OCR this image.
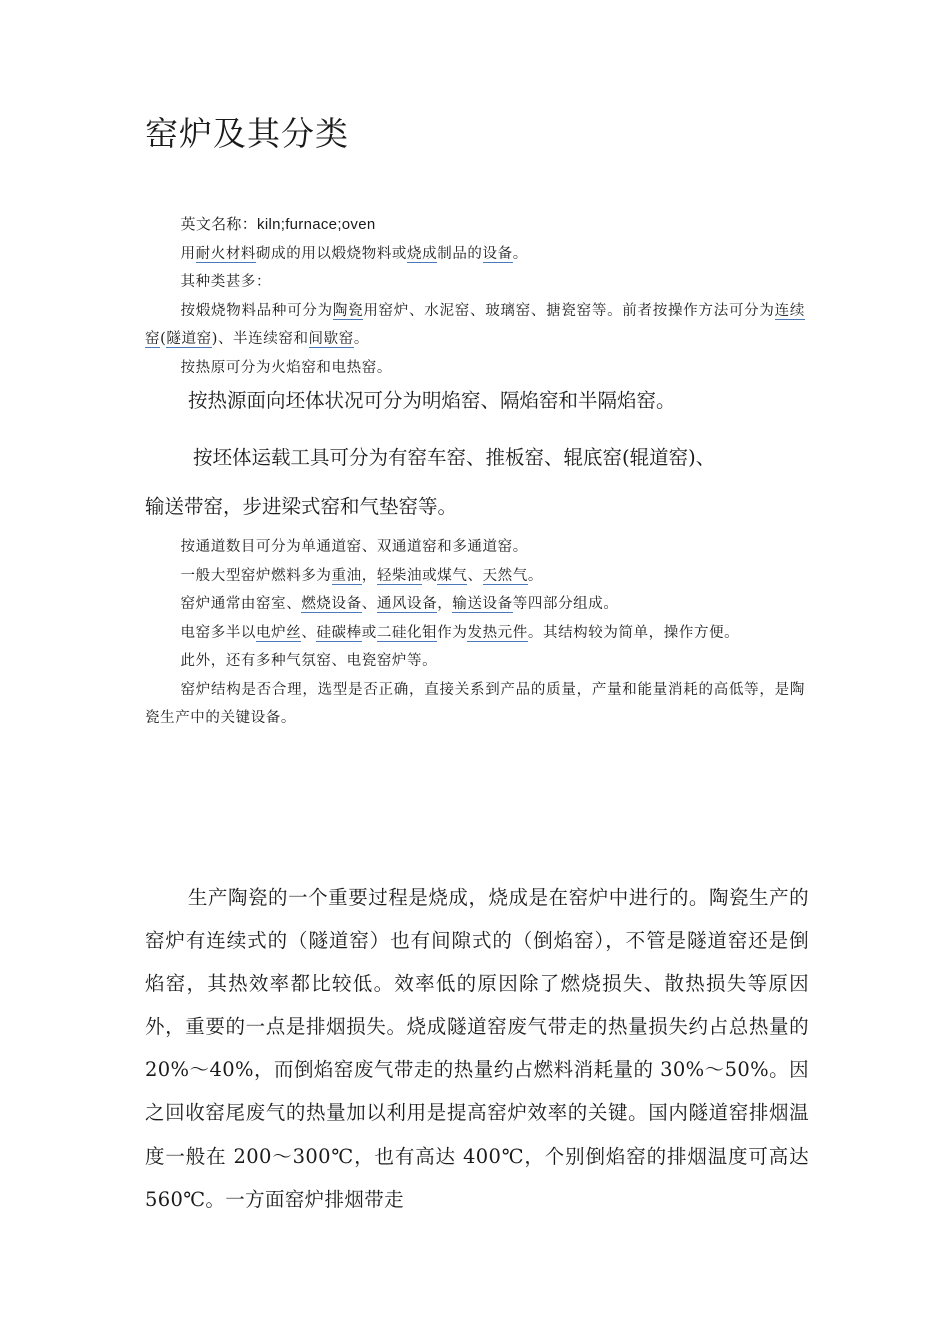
窑炉及其分类

英文名称：kiln;furnace;oven

用耐火材料砌成的用以煅烧物料或烧成制品的设备。

其种类甚多：

按煅烧物料品种可分为陶瓷用窑炉、水泥窑、玻璃窑、搪瓷窑等。前者按操作方法可分为连续窑(隧道窑)、半连续窑和间歇窑。

按热原可分为火焰窑和电热窑。

按热源面向坯体状况可分为明焰窑、隔焰窑和半隔焰窑。

按坯体运载工具可分为有窑车窑、推板窑、辊底窑(辊道窑)、

输送带窑，步进梁式窑和气垫窑等。

按通道数目可分为单通道窑、双通道窑和多通道窑。

一般大型窑炉燃料多为重油，轻柴油或煤气、天然气。

窑炉通常由窑室、燃烧设备、通风设备，输送设备等四部分组成。

电窑多半以电炉丝、硅碳棒或二硅化钼作为发热元件。其结构较为简单，操作方便。

此外，还有多种气氛窑、电瓷窑炉等。

窑炉结构是否合理，选型是否正确，直接关系到产品的质量，产量和能量消耗的高低等，是陶瓷生产中的关键设备。

生产陶瓷的一个重要过程是烧成，烧成是在窑炉中进行的。陶瓷生产的窑炉有连续式的（隧道窑）也有间隙式的（倒焰窑），不管是隧道窑还是倒焰窑，其热效率都比较低。效率低的原因除了燃烧损失、散热损失等原因外，重要的一点是排烟损失。烧成隧道窑废气带走的热量损失约占总热量的 20%～40%，而倒焰窑废气带走的热量约占燃料消耗量的 30%～50%。因之回收窑尾废气的热量加以利用是提高窑炉效率的关键。国内隧道窑排烟温度一般在 200～300℃，也有高达 400℃，个别倒焰窑的排烟温度可高达 560℃。一方面窑炉排烟带走
